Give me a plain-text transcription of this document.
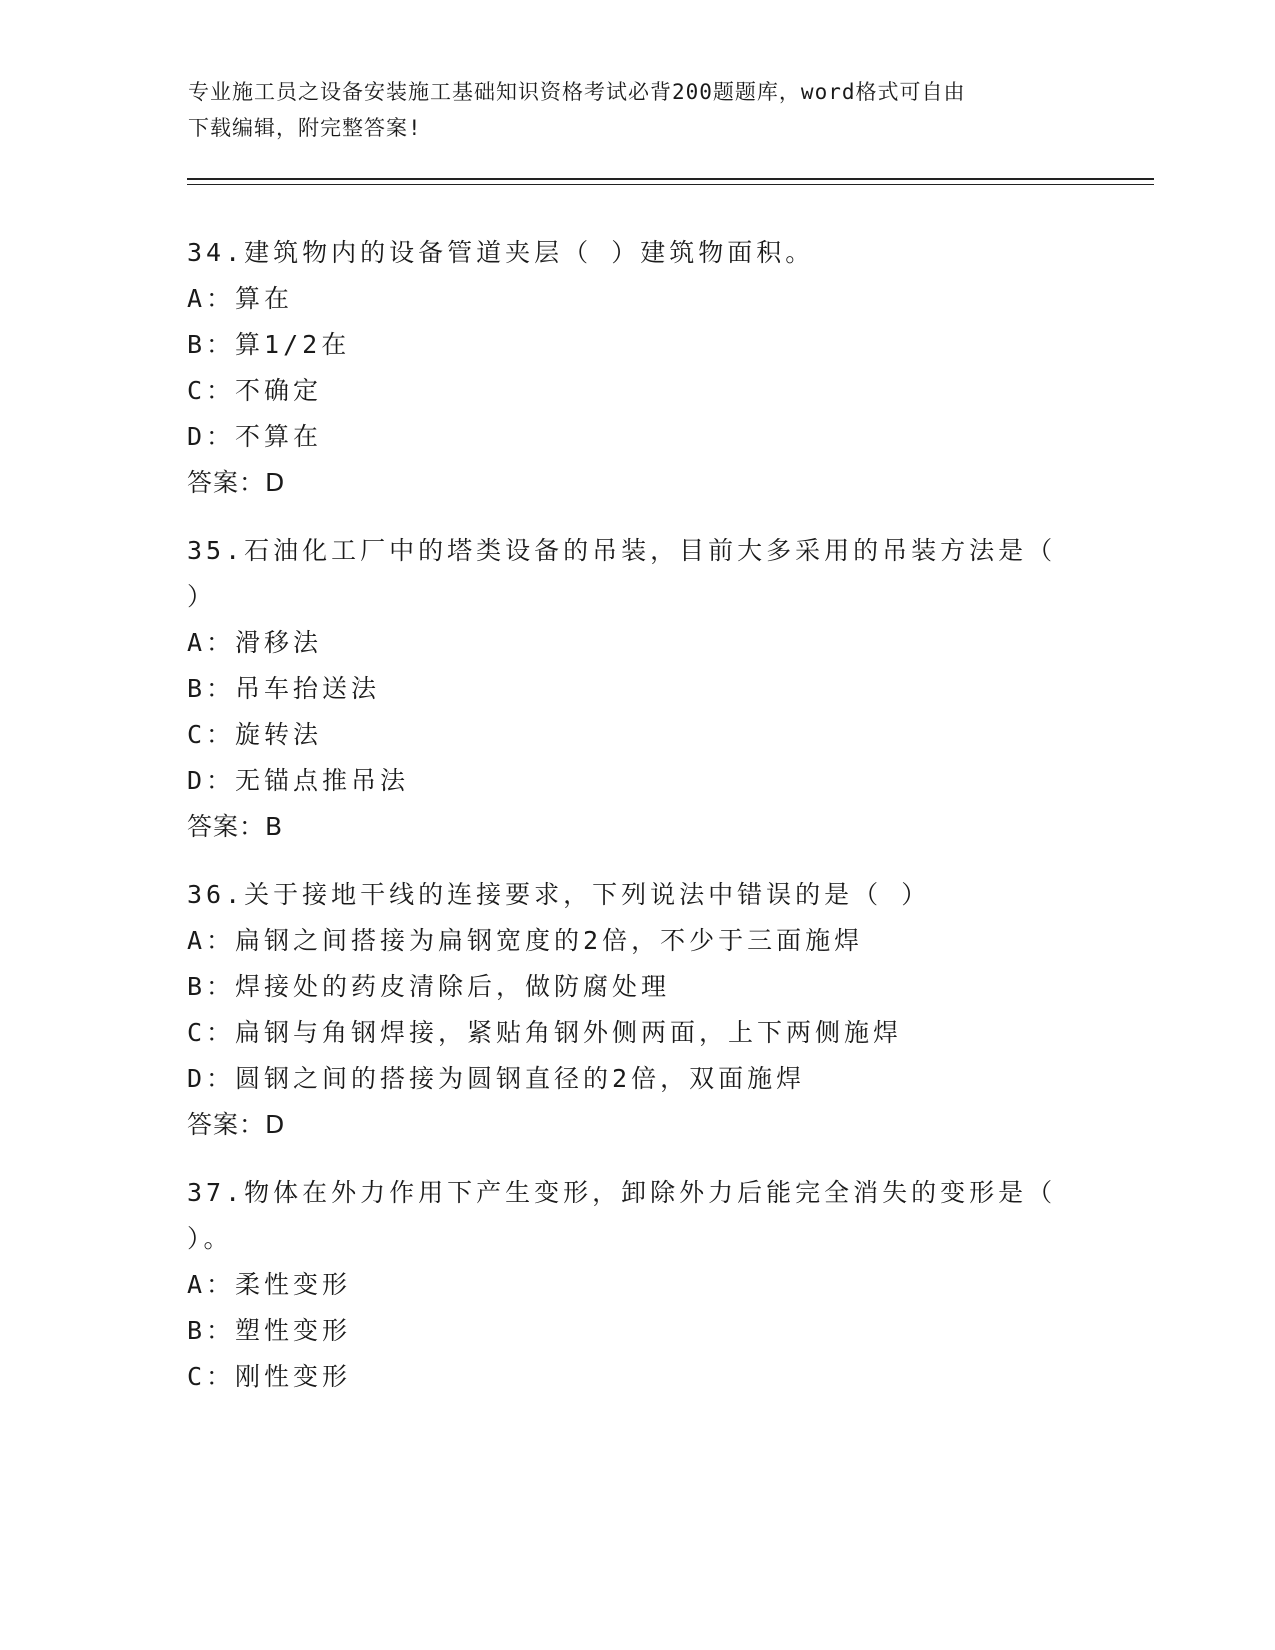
专业施工员之设备安装施工基础知识资格考试必背200题题库，word格式可自由
下载编辑，附完整答案!
34.建筑物内的设备管道夹层（ ）建筑物面积。
A：算在
B：算1/2在
C：不确定
D：不算在
答案：D
35.石油化工厂中的塔类设备的吊装，目前大多采用的吊装方法是（ ）
A：滑移法
B：吊车抬送法
C：旋转法
D：无锚点推吊法
答案：B
36.关于接地干线的连接要求，下列说法中错误的是（ ）
A：扁钢之间搭接为扁钢宽度的2倍，不少于三面施焊
B：焊接处的药皮清除后，做防腐处理
C：扁钢与角钢焊接，紧贴角钢外侧两面，上下两侧施焊
D：圆钢之间的搭接为圆钢直径的2倍，双面施焊
答案：D
37.物体在外力作用下产生变形，卸除外力后能完全消失的变形是（ ）。
A：柔性变形
B：塑性变形
C：刚性变形
